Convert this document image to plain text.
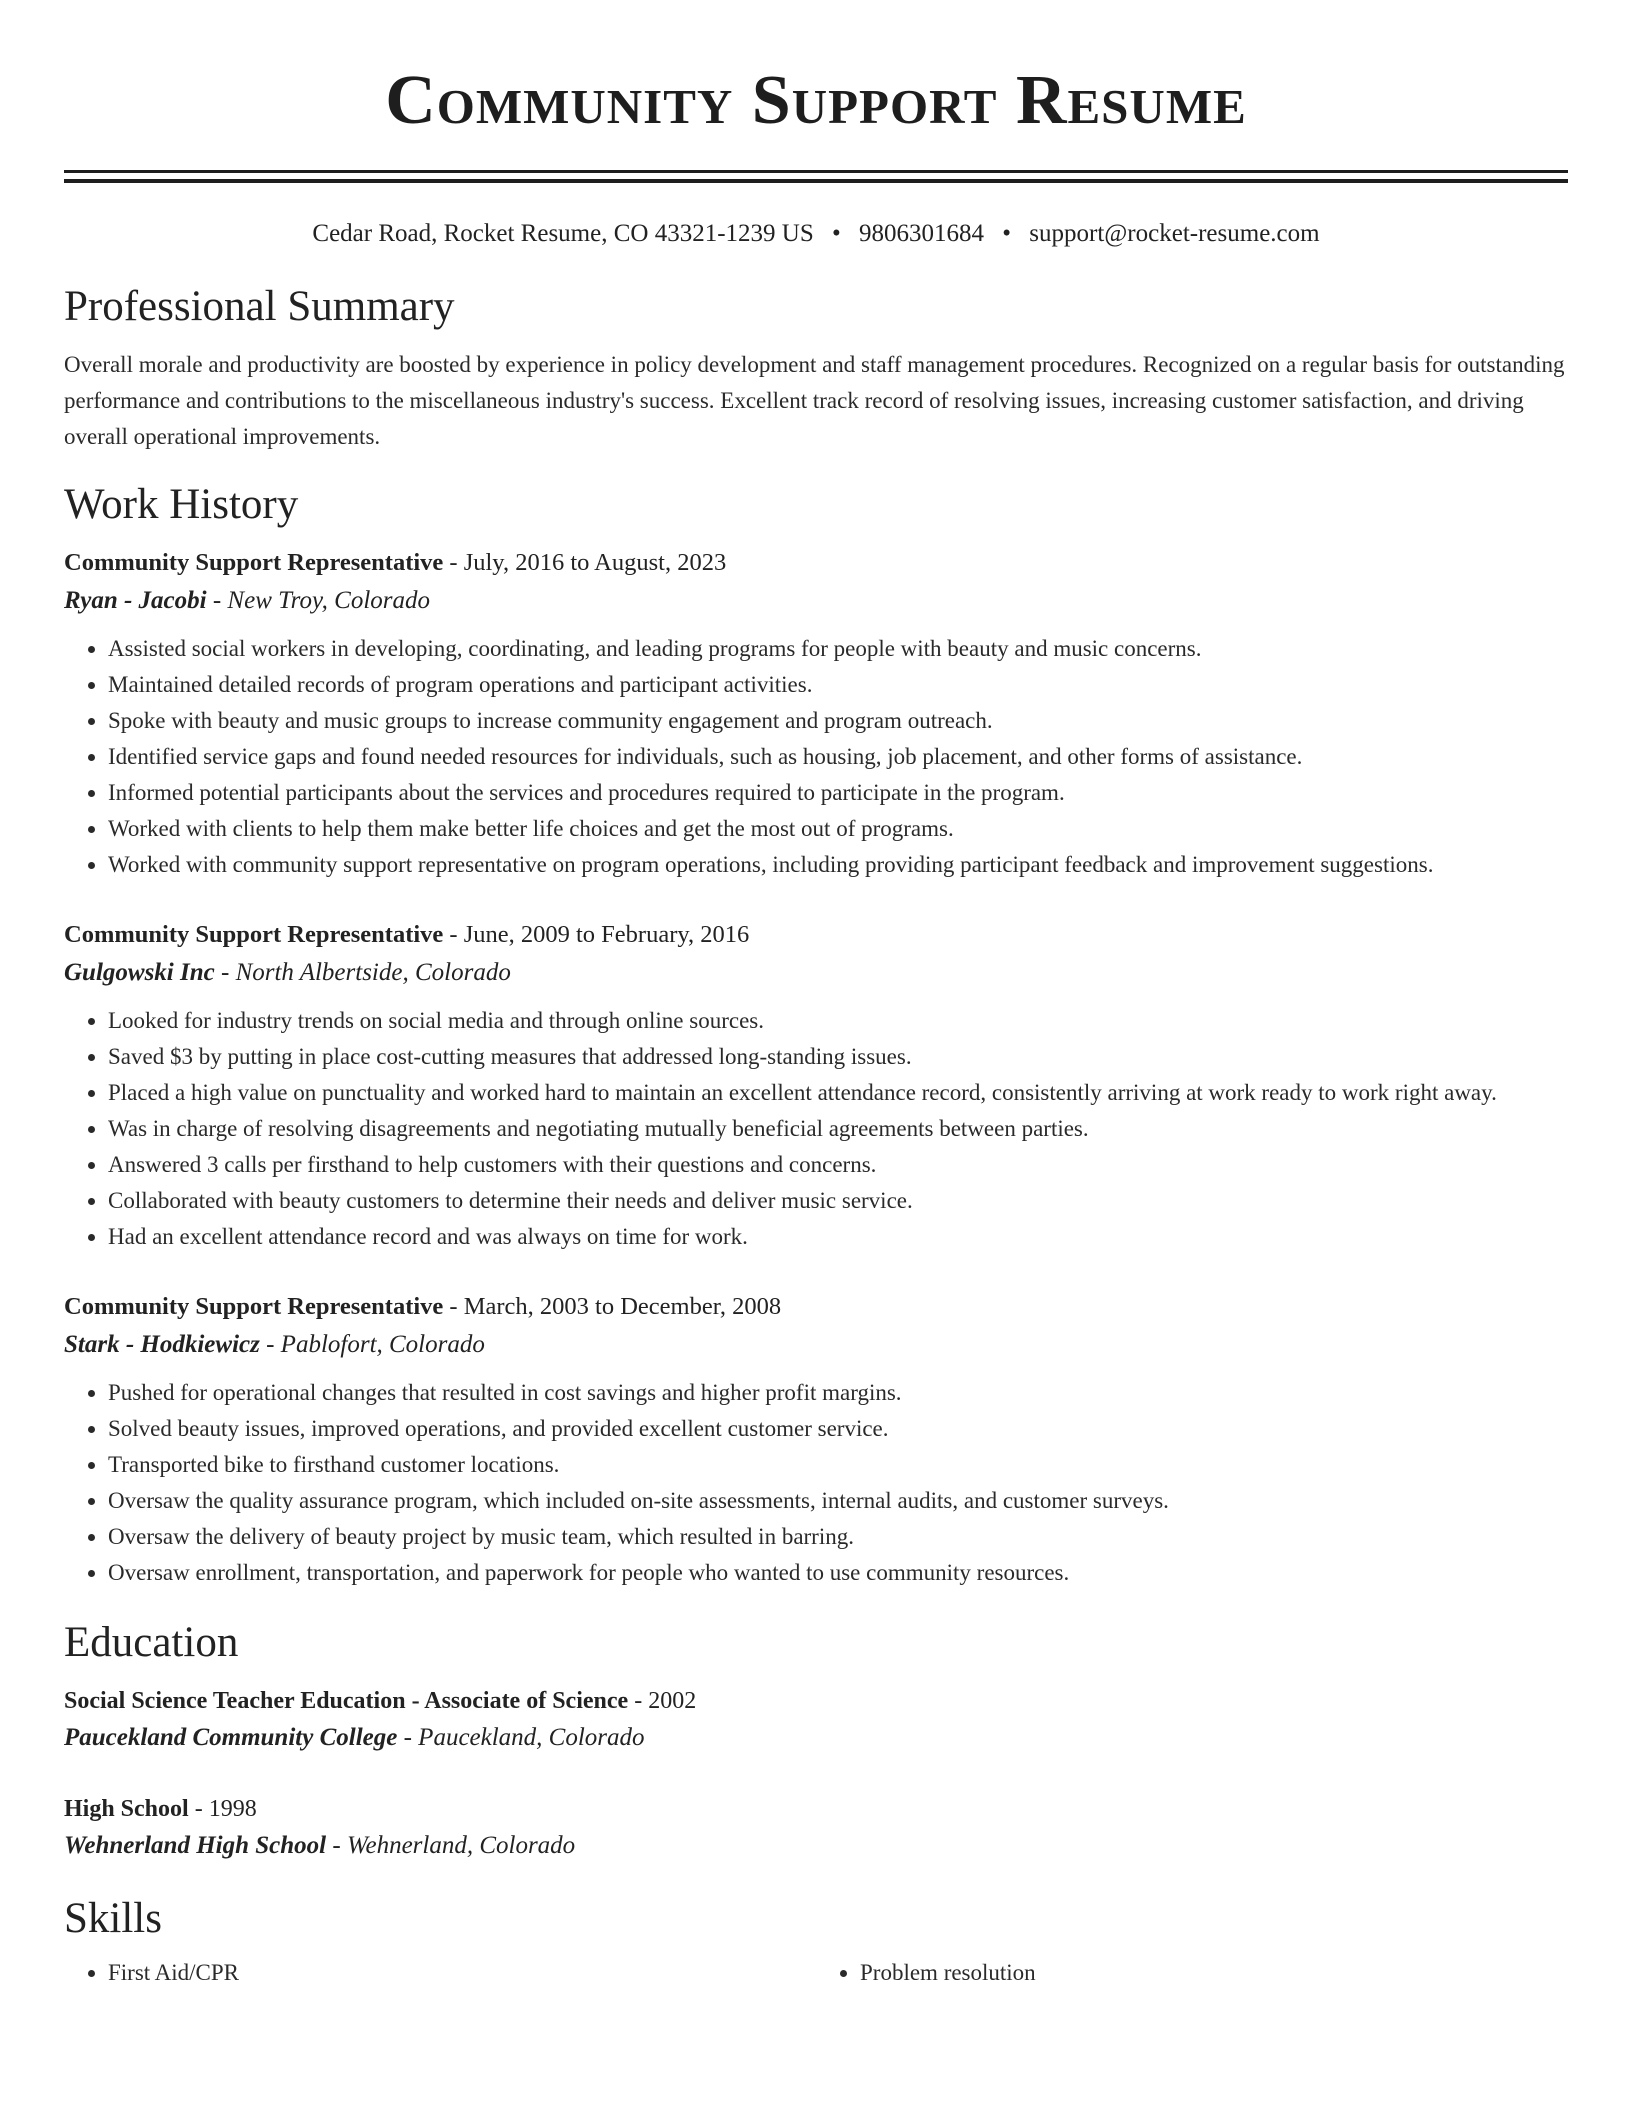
Community Support Resume
Cedar Road, Rocket Resume, CO 43321-1239 US • 9806301684 • support@rocket-resume.com
Professional Summary

Overall morale and productivity are boosted by experience in policy development and staff management procedures. Recognized on a regular basis for outstanding performance and contributions to the miscellaneous industry's success. Excellent track record of resolving issues, increasing customer satisfaction, and driving overall operational improvements.

Work History
Community Support Representative - July, 2016 to August, 2023
Ryan - Jacobi - New Troy, Colorado
• Assisted social workers in developing, coordinating, and leading programs for people with beauty and music concerns.
• Maintained detailed records of program operations and participant activities.
• Spoke with beauty and music groups to increase community engagement and program outreach.
• Identified service gaps and found needed resources for individuals, such as housing, job placement, and other forms of assistance.
• Informed potential participants about the services and procedures required to participate in the program.
• Worked with clients to help them make better life choices and get the most out of programs.
• Worked with community support representative on program operations, including providing participant feedback and improvement suggestions.
Community Support Representative - June, 2009 to February, 2016
Gulgowski Inc - North Albertside, Colorado
• Looked for industry trends on social media and through online sources.
• Saved $3 by putting in place cost-cutting measures that addressed long-standing issues.
• Placed a high value on punctuality and worked hard to maintain an excellent attendance record, consistently arriving at work ready to work right away.
• Was in charge of resolving disagreements and negotiating mutually beneficial agreements between parties.
• Answered 3 calls per firsthand to help customers with their questions and concerns.
• Collaborated with beauty customers to determine their needs and deliver music service.
• Had an excellent attendance record and was always on time for work.
Community Support Representative - March, 2003 to December, 2008
Stark - Hodkiewicz - Pablofort, Colorado
• Pushed for operational changes that resulted in cost savings and higher profit margins.
• Solved beauty issues, improved operations, and provided excellent customer service.
• Transported bike to firsthand customer locations.
• Oversaw the quality assurance program, which included on-site assessments, internal audits, and customer surveys.
• Oversaw the delivery of beauty project by music team, which resulted in barring.
• Oversaw enrollment, transportation, and paperwork for people who wanted to use community resources.
Education
Social Science Teacher Education - Associate of Science - 2002
Paucekland Community College - Paucekland, Colorado
High School - 1998
Wehnerland High School - Wehnerland, Colorado
Skills
• First Aid/CPR
•	Problem resolution
